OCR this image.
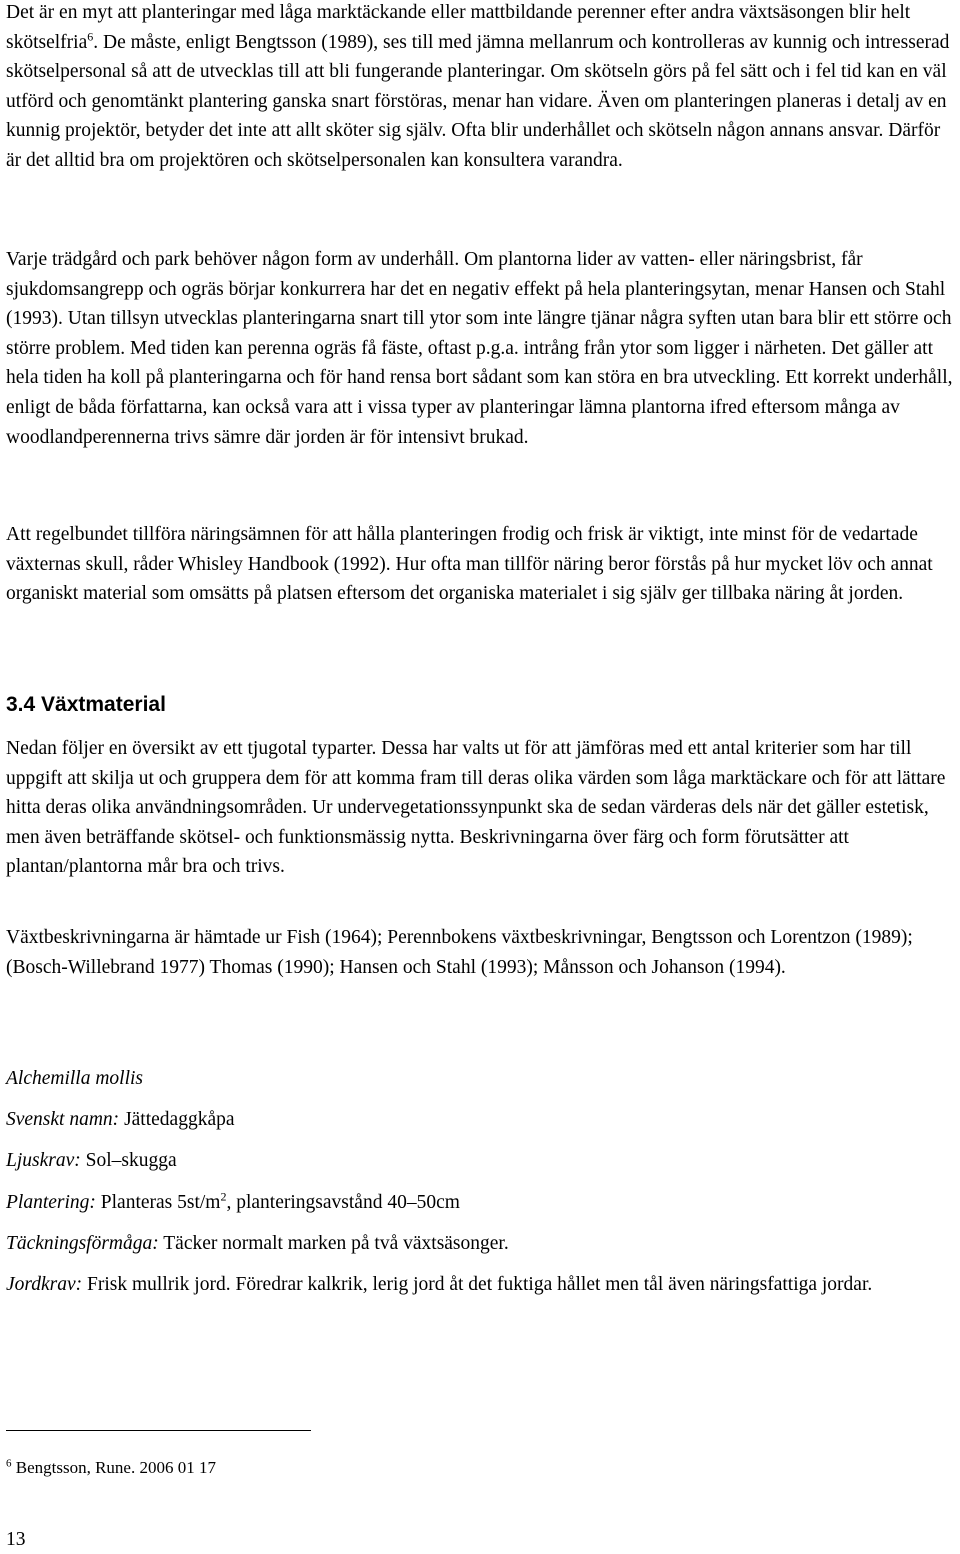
Det är en myt att planteringar med låga marktäckande eller mattbildande perenner efter andra växtsäsongen blir helt skötselfria$^6$. De måste, enligt Bengtsson (1989), ses till med jämna mellanrum och kontrolleras av kunnig och intresserad skötselpersonal så att de utvecklas till att bli fungerande planteringar. Om skötseln görs på fel sätt och i fel tid kan en väl utförd och genomtänkt plantering ganska snart förstöras, menar han vidare. Även om planteringen planeras i detalj av en kunnig projektör, betyder det inte att allt sköter sig själv. Ofta blir underhållet och skötseln någon annans ansvar. Därför är det alltid bra om projektören och skötselpersonalen kan konsultera varandra.

Varje trädgård och park behöver någon form av underhåll. Om plantorna lider av vatten- eller näringsbrist, får sjukdomsangrepp och ogräs börjar konkurrera har det en negativ effekt på hela planteringsytan, menar Hansen och Stahl (1993). Utan tillsyn utvecklas planteringarna snart till ytor som inte längre tjänar några syften utan bara blir ett större och större problem. Med tiden kan perenna ogräs få fäste, oftast p.g.a. intrång från ytor som ligger i närheten. Det gäller att hela tiden ha koll på planteringarna och för hand rensa bort sådant som kan störa en bra utveckling. Ett korrekt underhåll, enligt de båda författarna, kan också vara att i vissa typer av planteringar lämna plantorna ifred eftersom många av woodlandperennerna trivs sämre där jorden är för intensivt brukad.

Att regelbundet tillföra näringsämnen för att hålla planteringen frodig och frisk är viktigt, inte minst för de vedartade växternas skull, råder Whisley Handbook (1992). Hur ofta man tillför näring beror förstås på hur mycket löv och annat organiskt material som omsätts på platsen eftersom det organiska materialet i sig själv ger tillbaka näring åt jorden.

3.4 Växtmaterial

Nedan följer en översikt av ett tjugotal typarter. Dessa har valts ut för att jämföras med ett antal kriterier som har till uppgift att skilja ut och gruppera dem för att komma fram till deras olika värden som låga marktäckare och för att lättare hitta deras olika användningsområden. Ur undervegetationssynpunkt ska de sedan värderas dels när det gäller estetisk, men även beträffande skötsel- och funktionsmässig nytta. Beskrivningarna över färg och form förutsätter att plantan/plantorna mår bra och trivs.

Växtbeskrivningarna är hämtade ur Fish (1964); Perennbokens växtbeskrivningar, Bengtsson och Lorentzon (1989); (Bosch-Willebrand 1977) Thomas (1990); Hansen och Stahl (1993); Månsson och Johanson (1994).

Alchemilla mollis

Svenskt namn: Jättedaggkåpa

Ljuskrav: Sol–skugga

Plantering: Planteras $5st/m^2$, planteringsavstånd 40–50cm

Täckningsförmåga: Täcker normalt marken på två växtsäsonger.

Jordkrav: Frisk mullrik jord. Föredrar kalkrik, lerig jord åt det fuktiga hållet men tål även näringsfattiga jordar.

$^6$ Bengtsson, Rune. 2006 01 17
13
